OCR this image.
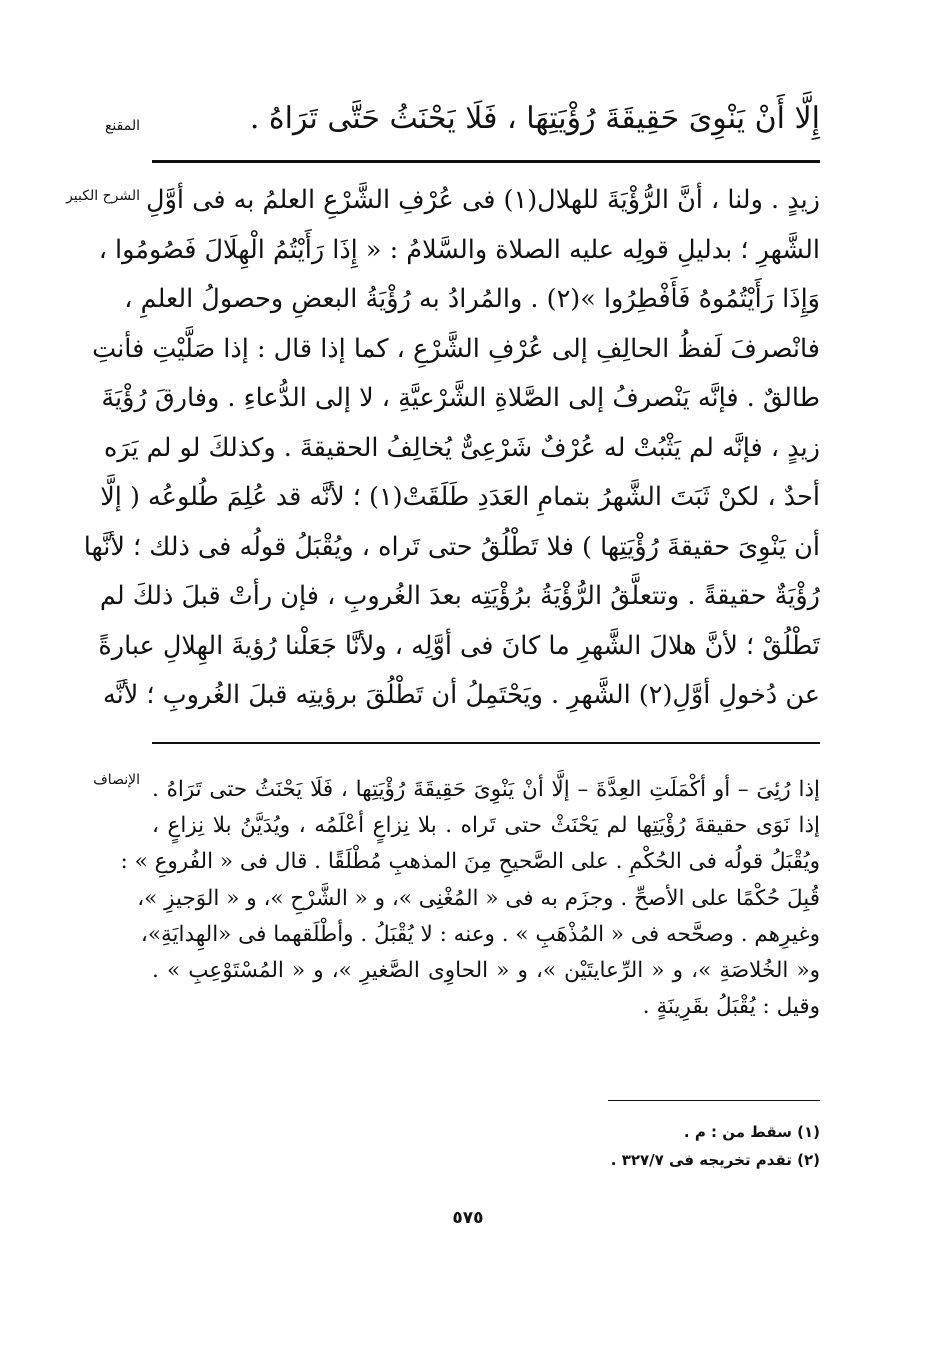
المقنع
الشرح الكبير
الإنصاف
إِلَّا أَنْ يَنْوِىَ حَقِيقَةَ رُؤْيَتِهَا ، فَلَا يَحْنَثُ حَتَّى تَرَاهُ .
زيدٍ . ولنا ، أنَّ الرُّؤْيَةَ للهلال(١) فى عُرْفِ الشَّرْعِ العلمُ به فى أوَّلِ
الشَّهرِ ؛ بدليلِ قولِه عليه الصلاة والسَّلامُ : « إِذَا رَأَيْتُمُ الْهِلَالَ فَصُومُوا ،
وَإِذَا رَأَيْتُمُوهُ فَأَفْطِرُوا »(٢) . والمُرادُ به رُؤْيَةُ البعضِ وحصولُ العلمِ ،
فانْصرفَ لَفظُ الحالِفِ إلى عُرْفِ الشَّرْعِ ، كما إذا قال : إذا صَلَّيْتِ فأنتِ
طالقٌ . فإنَّه يَنْصرفُ إلى الصَّلاةِ الشَّرْعيَّةِ ، لا إلى الدُّعاءِ . وفارقَ رُؤْيَةَ
زيدٍ ، فإنَّه لم يَثْبُتْ له عُرْفٌ شَرْعِىٌّ يُخالِفُ الحقيقةَ . وكذلكَ لو لم يَرَه
أحدٌ ، لكنْ ثَبَتَ الشَّهرُ بتمامِ العَدَدِ طَلَقَتْ(١) ؛ لأنَّه قد عُلِمَ طُلوعُه ( إلَّا
أن يَنْوِىَ حقيقةَ رُؤْيَتِها ) فلا تَطْلُقُ حتى تَراه ، ويُقْبَلُ قولُه فى ذلك ؛ لأنَّها
رُؤْيَةٌ حقيقةً . وتتعلَّقُ الرُّؤْيَةُ برُؤْيَتِه بعدَ الغُروبِ ، فإن رأتْ قبلَ ذلكَ لم
تَطْلُقْ ؛ لأنَّ هلالَ الشَّهرِ ما كانَ فى أوَّلِه ، ولأنَّا جَعَلْنا رُؤيةَ الهِلالِ عبارةً
عن دُخولِ أوَّلِ(٢) الشَّهرِ . ويَحْتَمِلُ أن تَطْلُقَ برؤيتِه قبلَ الغُروبِ ؛ لأنَّه
إذا رُئِىَ – أو أكْمَلَتِ العِدَّةَ – إلَّا أنْ يَنْوِىَ حَقِيقَةَ رُؤْيَتِها ، فَلَا يَحْنَثُ حتى تَرَاهُ .
إذا نَوَى حقيقةَ رُؤْيَتِها لم يَحْنَثْ حتى تَراه . بلا نِزاعٍ أعْلَمُه ، ويُدَيَّنُ بلا نِزاعٍ ،
ويُقْبَلُ قولُه فى الحُكْمِ . على الصَّحيحِ مِنَ المذهبِ مُطْلَقًا . قال فى « الفُروعِ » :
قُبِلَ حُكْمًا على الأصحِّ . وجزَم به فى « المُغْنِى »، و « الشَّرْحِ »، و « الوَجيزِ »،
وغيرِهم . وصحَّحه فى « المُذْهَبِ » . وعنه : لا يُقْبَلُ . وأطْلَقهما فى «الهِدايَةِ»،
و« الخُلاصَةِ »، و « الرِّعايتَيْن »، و « الحاوِى الصَّغيرِ »، و « المُسْتَوْعِبِ » .
وقيل : يُقْبَلُ بقَرِينَةٍ .
(١) سقط من : م .
(٢) تقدم تخريجه فى ٣٢٧/٧ .
٥٧٥
